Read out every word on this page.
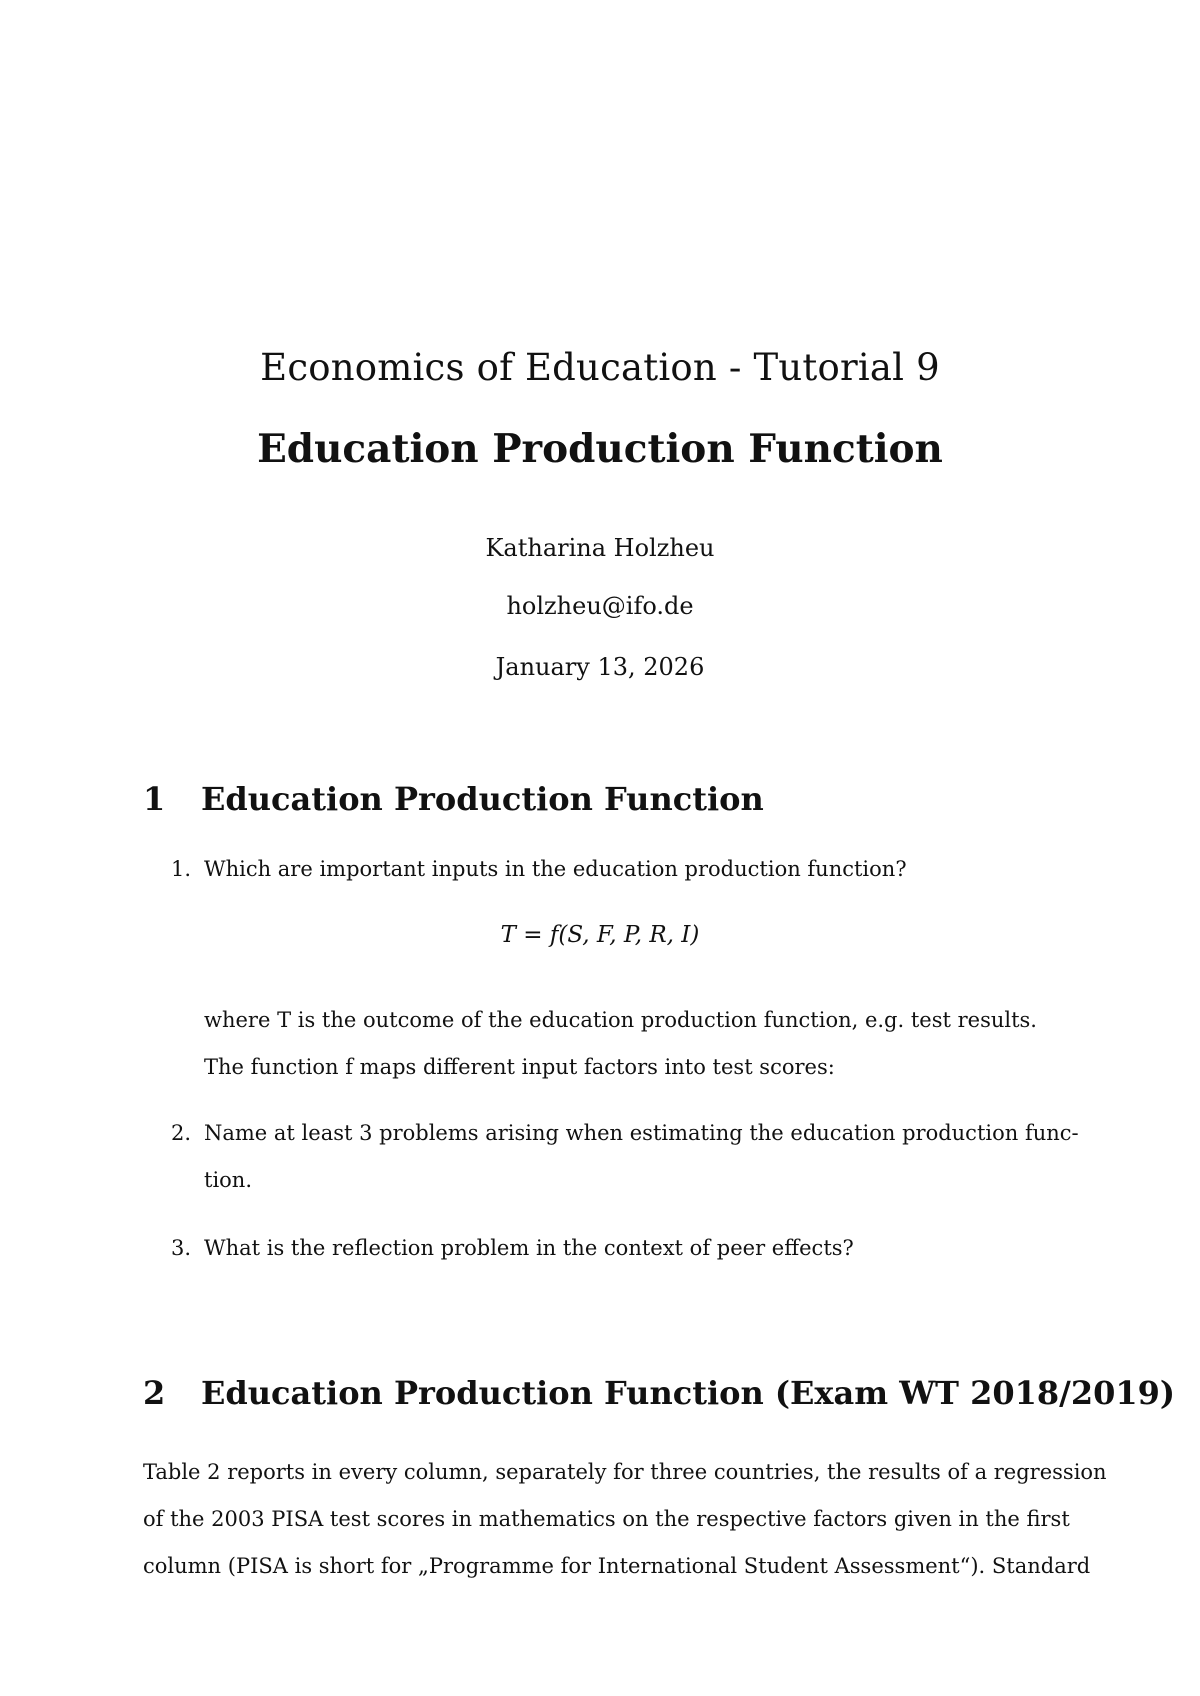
Economics of Education - Tutorial 9
Education Production Function
Katharina Holzheu
holzheu@ifo.de
January 13, 2026
1 Education Production Function
1. Which are important inputs in the education production function?
T = f(S, F, P, R, I)
where T is the outcome of the education production function, e.g. test results.
The function f maps different input factors into test scores:
2. Name at least 3 problems arising when estimating the education production func-
tion.
3. What is the reflection problem in the context of peer effects?
2 Education Production Function (Exam WT 2018/2019)
Table 2 reports in every column, separately for three countries, the results of a regression
of the 2003 PISA test scores in mathematics on the respective factors given in the first
column (PISA is short for „Programme for International Student Assessment“). Standard
